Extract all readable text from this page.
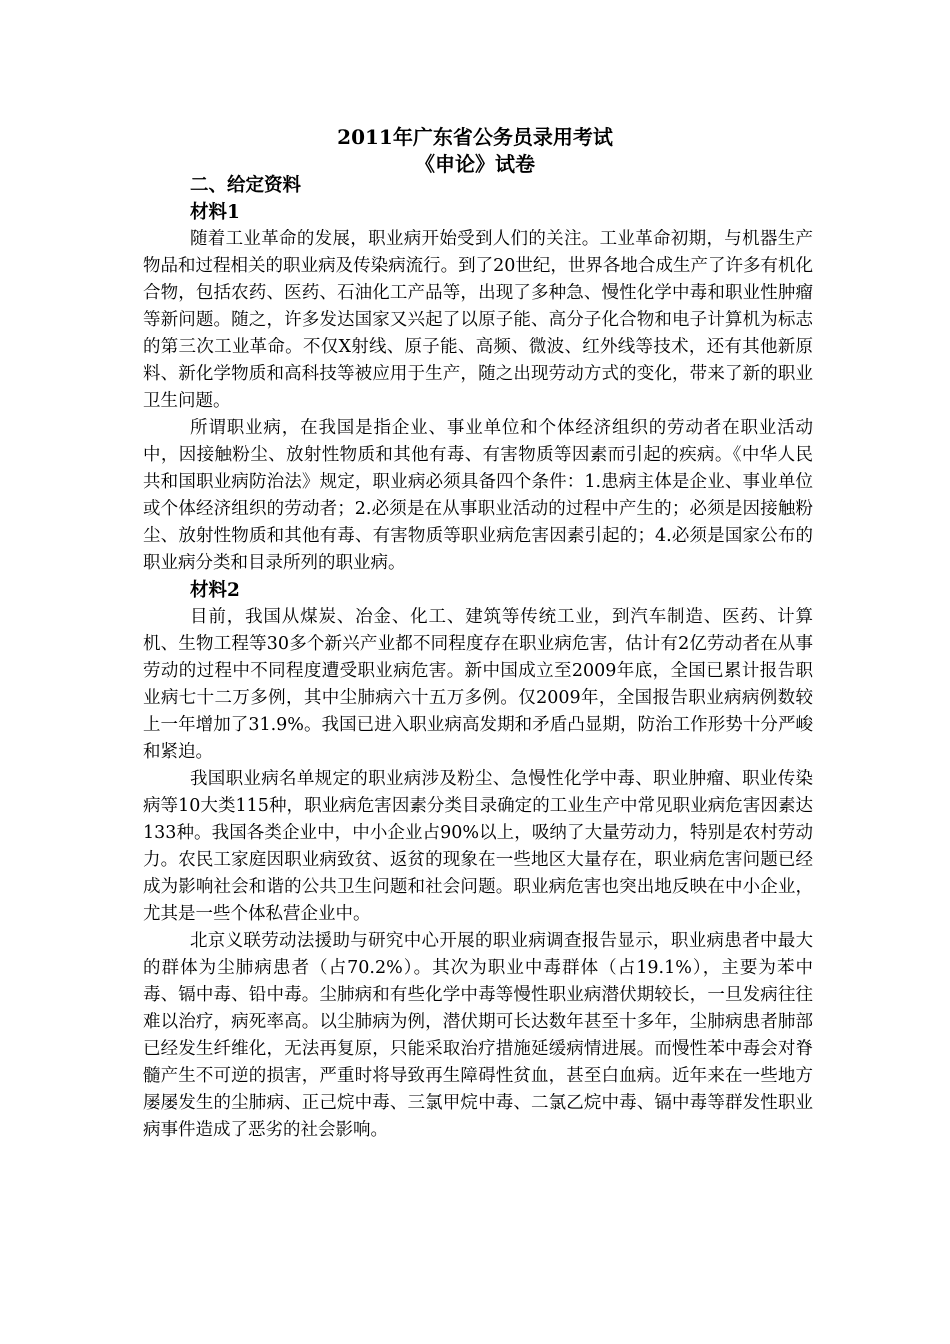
2011年广东省公务员录用考试
《申论》试卷
二、给定资料
材料1

随着工业革命的发展，职业病开始受到人们的关注。工业革命初期，与机器生产物品和过程相关的职业病及传染病流行。到了20世纪，世界各地合成生产了许多有机化合物，包括农药、医药、石油化工产品等，出现了多种急、慢性化学中毒和职业性肿瘤等新问题。随之，许多发达国家又兴起了以原子能、高分子化合物和电子计算机为标志的第三次工业革命。不仅X射线、原子能、高频、微波、红外线等技术，还有其他新原料、新化学物质和高科技等被应用于生产，随之出现劳动方式的变化，带来了新的职业卫生问题。

所谓职业病，在我国是指企业、事业单位和个体经济组织的劳动者在职业活动中，因接触粉尘、放射性物质和其他有毒、有害物质等因素而引起的疾病。《中华人民共和国职业病防治法》规定，职业病必须具备四个条件：1.患病主体是企业、事业单位或个体经济组织的劳动者；2.必须是在从事职业活动的过程中产生的；必须是因接触粉尘、放射性物质和其他有毒、有害物质等职业病危害因素引起的；4.必须是国家公布的职业病分类和目录所列的职业病。

材料2

目前，我国从煤炭、冶金、化工、建筑等传统工业，到汽车制造、医药、计算机、生物工程等30多个新兴产业都不同程度存在职业病危害，估计有2亿劳动者在从事劳动的过程中不同程度遭受职业病危害。新中国成立至2009年底，全国已累计报告职业病七十二万多例，其中尘肺病六十五万多例。仅2009年，全国报告职业病病例数较上一年增加了31.9%。我国已进入职业病高发期和矛盾凸显期，防治工作形势十分严峻和紧迫。

我国职业病名单规定的职业病涉及粉尘、急慢性化学中毒、职业肿瘤、职业传染病等10大类115种，职业病危害因素分类目录确定的工业生产中常见职业病危害因素达133种。我国各类企业中，中小企业占90%以上，吸纳了大量劳动力，特别是农村劳动力。农民工家庭因职业病致贫、返贫的现象在一些地区大量存在，职业病危害问题已经成为影响社会和谐的公共卫生问题和社会问题。职业病危害也突出地反映在中小企业，尤其是一些个体私营企业中。

北京义联劳动法援助与研究中心开展的职业病调查报告显示，职业病患者中最大的群体为尘肺病患者（占70.2%）。其次为职业中毒群体（占19.1%），主要为苯中毒、镉中毒、铅中毒。尘肺病和有些化学中毒等慢性职业病潜伏期较长，一旦发病往往难以治疗，病死率高。以尘肺病为例，潜伏期可长达数年甚至十多年，尘肺病患者肺部已经发生纤维化，无法再复原，只能采取治疗措施延缓病情进展。而慢性苯中毒会对脊髓产生不可逆的损害，严重时将导致再生障碍性贫血，甚至白血病。近年来在一些地方屡屡发生的尘肺病、正己烷中毒、三氯甲烷中毒、二氯乙烷中毒、镉中毒等群发性职业病事件造成了恶劣的社会影响。
